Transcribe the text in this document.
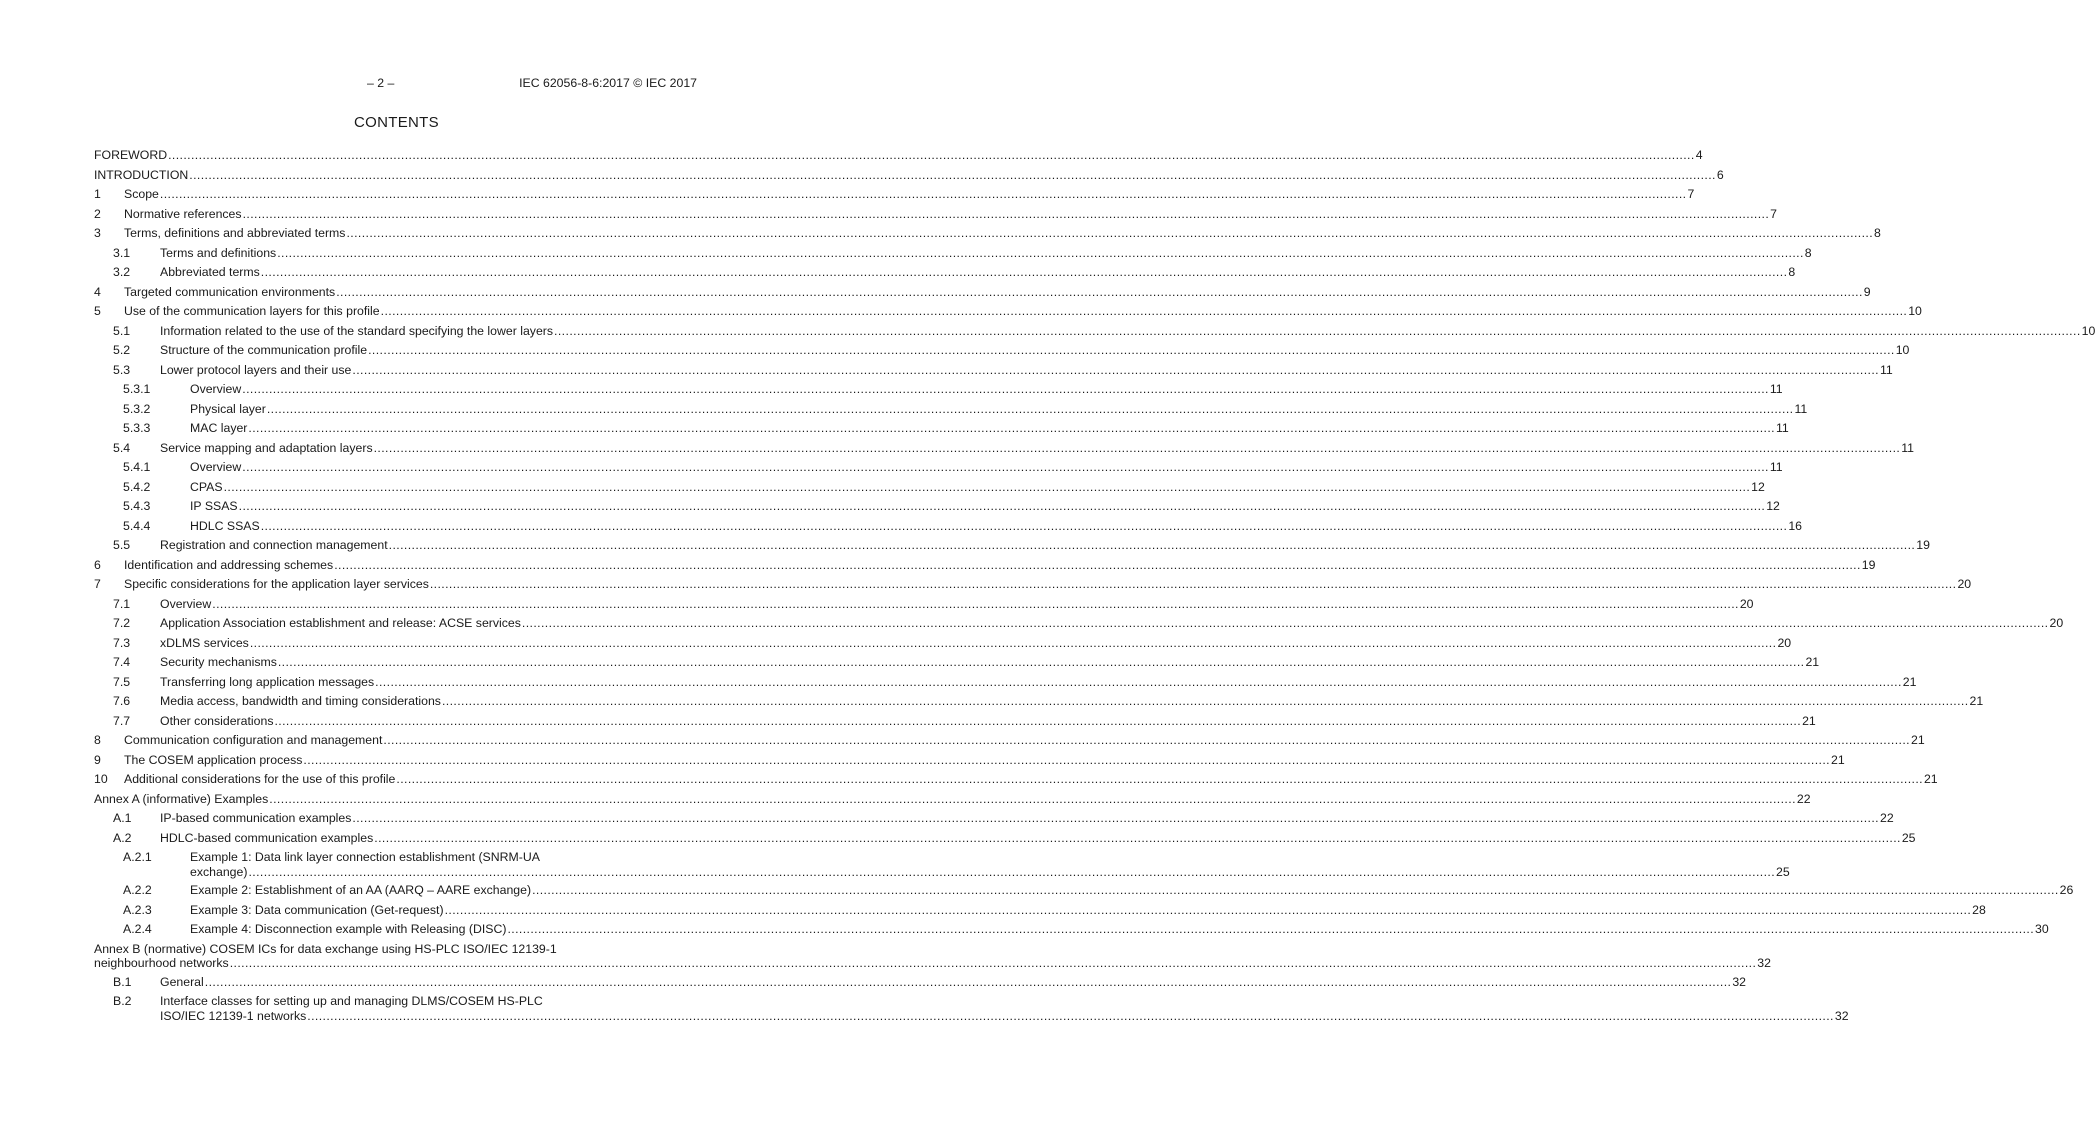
– 2 –	IEC 62056-8-6:2017 © IEC 2017
CONTENTS
FOREWORD ................................................................................................................................................................................................................................................................................................................................................................................................................ 4
INTRODUCTION ................................................................................................................................................................................................................................................................................................................................................................................................................ 6
1 Scope ................................................................................................................................................................................................................................................................................................................................................................................................................ 7
2 Normative references ................................................................................................................................................................................................................................................................................................................................................................................................................ 7
3 Terms, definitions and abbreviated terms ................................................................................................................................................................................................................................................................................................................................................................................................................ 8
3.1 Terms and definitions ................................................................................................................................................................................................................................................................................................................................................................................................................ 8
3.2 Abbreviated terms ................................................................................................................................................................................................................................................................................................................................................................................................................ 8
4 Targeted communication environments ................................................................................................................................................................................................................................................................................................................................................................................................................ 9
5 Use of the communication layers for this profile ................................................................................................................................................................................................................................................................................................................................................................................................................ 10
5.1 Information related to the use of the standard specifying the lower layers ................................................................................................................................................................................................................................................................................................................................................................................................................ 10
5.2 Structure of the communication profile ................................................................................................................................................................................................................................................................................................................................................................................................................ 10
5.3 Lower protocol layers and their use ................................................................................................................................................................................................................................................................................................................................................................................................................ 11
5.3.1	Overview ................................................................................................................................................................................................................................................................................................................................................................................................................ 11
5.3.2	Physical layer ................................................................................................................................................................................................................................................................................................................................................................................................................ 11
5.3.3	MAC layer ................................................................................................................................................................................................................................................................................................................................................................................................................ 11
5.4 Service mapping and adaptation layers ................................................................................................................................................................................................................................................................................................................................................................................................................ 11
5.4.1	Overview ................................................................................................................................................................................................................................................................................................................................................................................................................ 11
5.4.2	CPAS ................................................................................................................................................................................................................................................................................................................................................................................................................ 12
5.4.3	IP SSAS ................................................................................................................................................................................................................................................................................................................................................................................................................ 12
5.4.4	HDLC SSAS ................................................................................................................................................................................................................................................................................................................................................................................................................ 16
5.5 Registration and connection management ................................................................................................................................................................................................................................................................................................................................................................................................................ 19
6 Identification and addressing schemes ................................................................................................................................................................................................................................................................................................................................................................................................................ 19
7 Specific considerations for the application layer services ................................................................................................................................................................................................................................................................................................................................................................................................................ 20
7.1 Overview ................................................................................................................................................................................................................................................................................................................................................................................................................ 20
7.2 Application Association establishment and release: ACSE services ................................................................................................................................................................................................................................................................................................................................................................................................................ 20
7.3 xDLMS services ................................................................................................................................................................................................................................................................................................................................................................................................................ 20
7.4 Security mechanisms ................................................................................................................................................................................................................................................................................................................................................................................................................ 21
7.5 Transferring long application messages ................................................................................................................................................................................................................................................................................................................................................................................................................ 21
7.6 Media access, bandwidth and timing considerations ................................................................................................................................................................................................................................................................................................................................................................................................................ 21
7.7 Other considerations ................................................................................................................................................................................................................................................................................................................................................................................................................ 21
8 Communication configuration and management ................................................................................................................................................................................................................................................................................................................................................................................................................ 21
9 The COSEM application process ................................................................................................................................................................................................................................................................................................................................................................................................................ 21
10 Additional considerations for the use of this profile ................................................................................................................................................................................................................................................................................................................................................................................................................ 21
Annex A (informative) Examples ................................................................................................................................................................................................................................................................................................................................................................................................................ 22
A.1 IP-based communication examples ................................................................................................................................................................................................................................................................................................................................................................................................................ 22
A.2 HDLC-based communication examples ................................................................................................................................................................................................................................................................................................................................................................................................................ 25
A.2.1	Example 1: Data link layer connection establishment (SNRM-UA
exchange) ................................................................................................................................................................................................................................................................................................................................................................................................................ 25
A.2.2	Example 2: Establishment of an AA (AARQ – AARE exchange) ................................................................................................................................................................................................................................................................................................................................................................................................................ 26
A.2.3	Example 3: Data communication (Get-request) ................................................................................................................................................................................................................................................................................................................................................................................................................ 28
A.2.4	Example 4: Disconnection example with Releasing (DISC) ................................................................................................................................................................................................................................................................................................................................................................................................................ 30
Annex B (normative) COSEM ICs for data exchange using HS-PLC ISO/IEC 12139-1
neighbourhood networks ................................................................................................................................................................................................................................................................................................................................................................................................................ 32
B.1 General ................................................................................................................................................................................................................................................................................................................................................................................................................ 32
B.2 Interface classes for setting up and managing DLMS/COSEM HS-PLC
ISO/IEC 12139-1 networks ................................................................................................................................................................................................................................................................................................................................................................................................................ 32
